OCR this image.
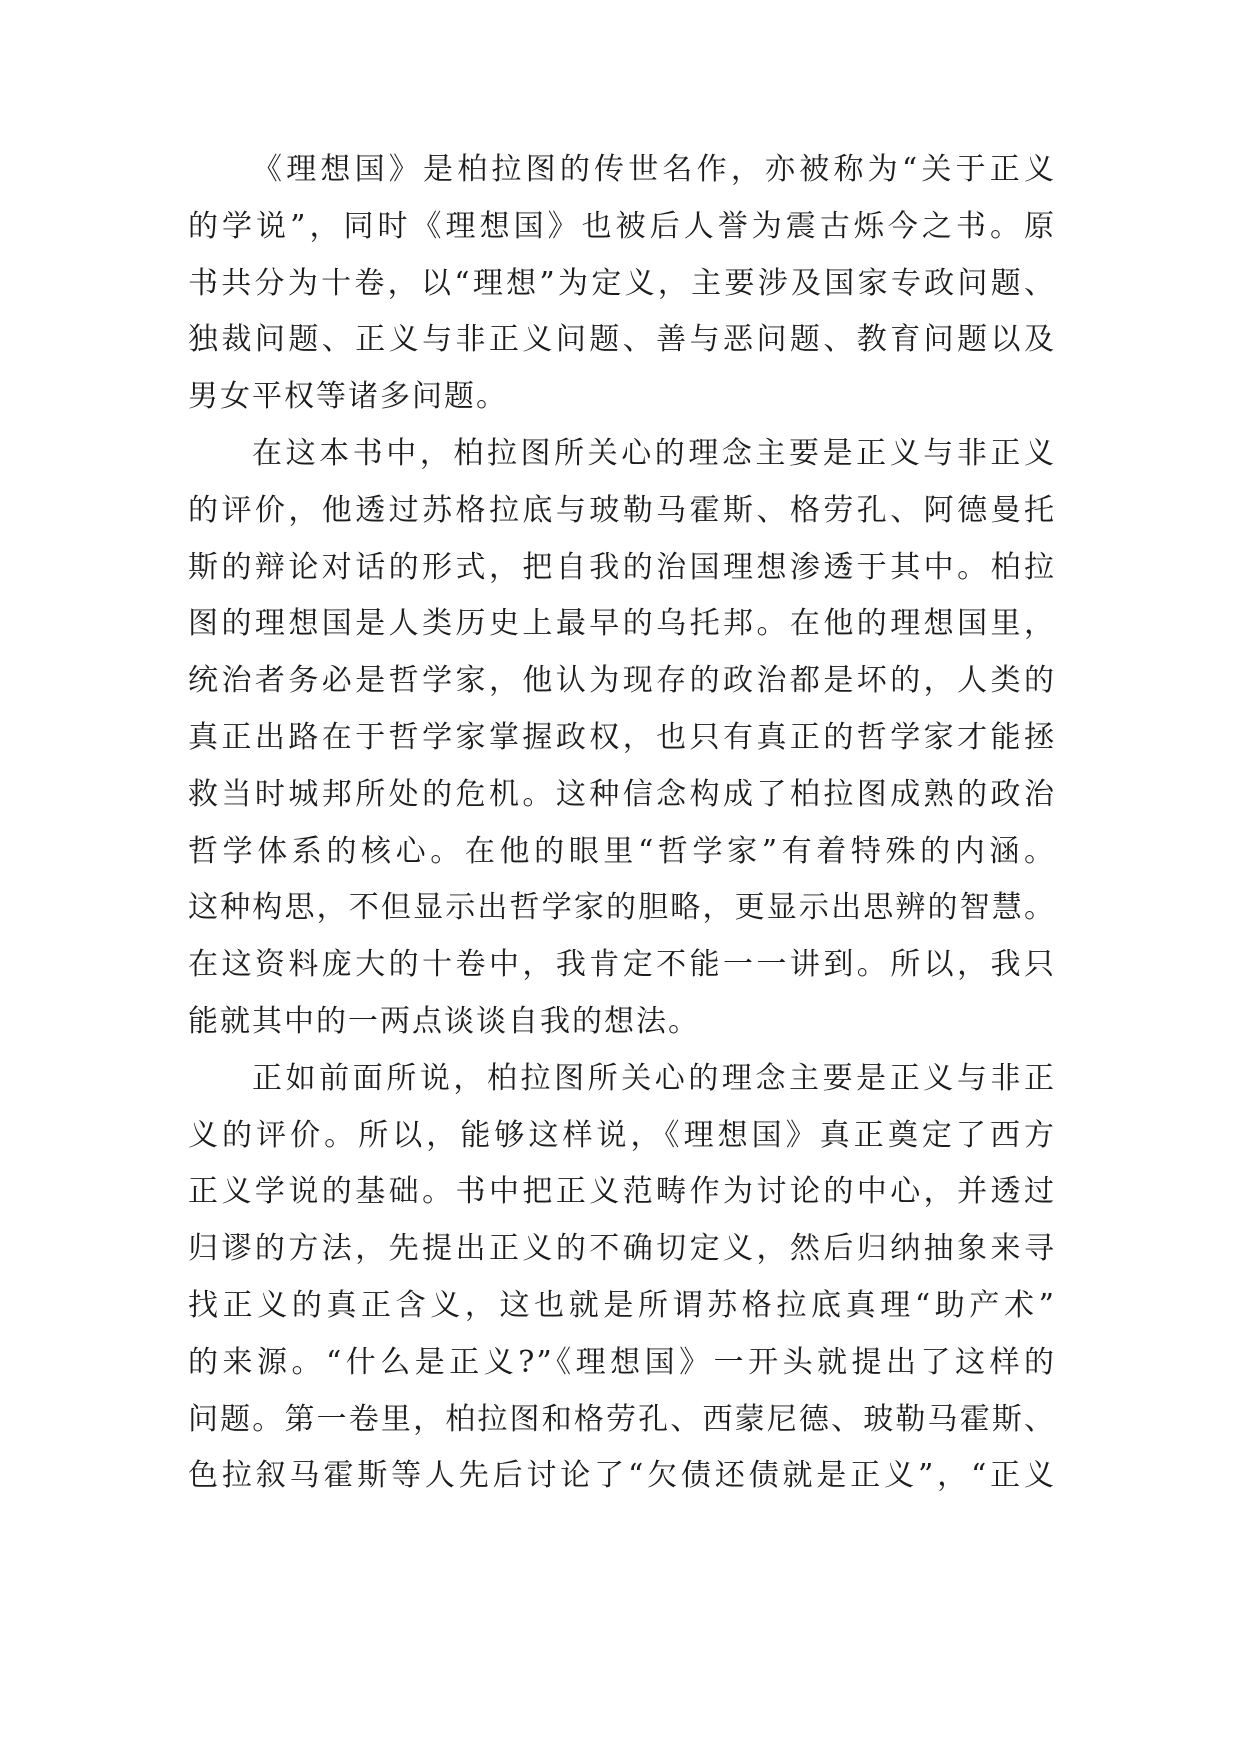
《理想国》是柏拉图的传世名作，亦被称为“关于正义
的学说”，同时《理想国》也被后人誉为震古烁今之书。原
书共分为十卷，以“理想”为定义，主要涉及国家专政问题、
独裁问题、正义与非正义问题、善与恶问题、教育问题以及
男女平权等诸多问题。
在这本书中，柏拉图所关心的理念主要是正义与非正义
的评价，他透过苏格拉底与玻勒马霍斯、格劳孔、阿德曼托
斯的辩论对话的形式，把自我的治国理想渗透于其中。柏拉
图的理想国是人类历史上最早的乌托邦。在他的理想国里，
统治者务必是哲学家，他认为现存的政治都是坏的，人类的
真正出路在于哲学家掌握政权，也只有真正的哲学家才能拯
救当时城邦所处的危机。这种信念构成了柏拉图成熟的政治
哲学体系的核心。在他的眼里“哲学家”有着特殊的内涵。
这种构思，不但显示出哲学家的胆略，更显示出思辨的智慧。
在这资料庞大的十卷中，我肯定不能一一讲到。所以，我只
能就其中的一两点谈谈自我的想法。
正如前面所说，柏拉图所关心的理念主要是正义与非正
义的评价。所以，能够这样说，《理想国》真正奠定了西方
正义学说的基础。书中把正义范畴作为讨论的中心，并透过
归谬的方法，先提出正义的不确切定义，然后归纳抽象来寻
找正义的真正含义，这也就是所谓苏格拉底真理“助产术”
的来源。“什么是正义?”《理想国》一开头就提出了这样的
问题。第一卷里，柏拉图和格劳孔、西蒙尼德、玻勒马霍斯、
色拉叙马霍斯等人先后讨论了“欠债还债就是正义”，“正义
